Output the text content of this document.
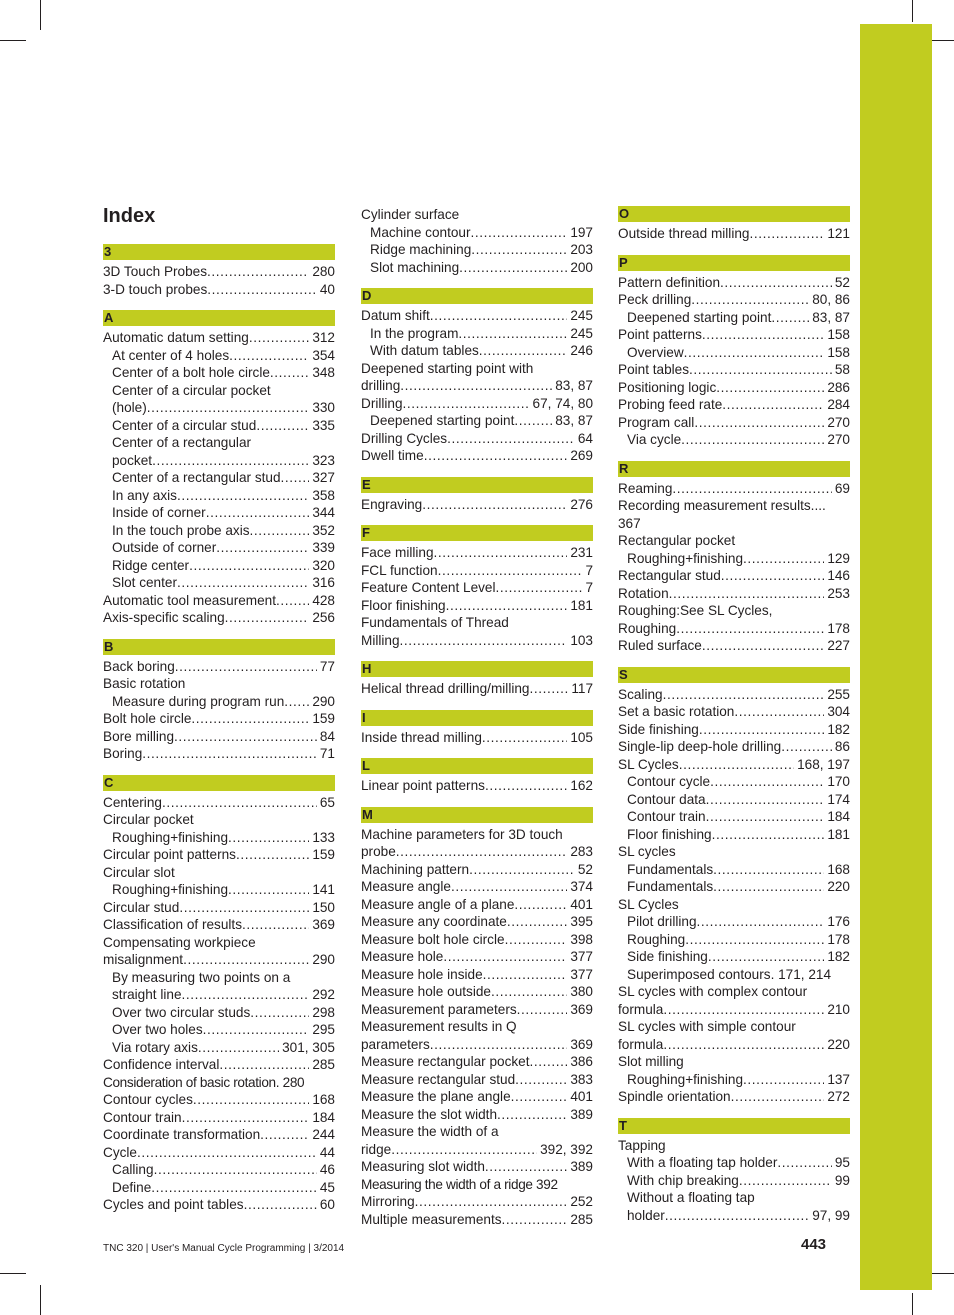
Index
3
3D Touch Probes .....	280
3-D touch probes .....	40
A
Automatic datum setting .....	312
At center of 4 holes .....	354
Center of a bolt hole circle .....	348
Center of a circular pocket
(hole) .....	330
Center of a circular stud .....	335
Center of a rectangular
pocket .....	323
Center of a rectangular stud ..... 327
In any axis .....	358
Inside of corner .....	344
In the touch probe axis .....	352
Outside of corner .....	339
Ridge center .....	320
Slot center .....	316
Automatic tool measurement .....	428
Axis-specific scaling .....	256
B
Back boring .....	77
Basic rotation
Measure during program run ..... 290
Bolt hole circle .....	159
Bore milling .....	84
Boring .....	71
C
Centering .....	65
Circular pocket
Roughing+finishing .....	133
Circular point patterns .....	159
Circular slot
Roughing+finishing .....	141
Circular stud .....	150
Classification of results .....	369
Compensating workpiece
misalignment .....	290
By measuring two points on a
straight line .....	292
Over two circular studs .....	298
Over two holes .....	295
Via rotary axis .....	301, 305
Confidence interval .....	285
Consideration of basic rotation. 280
Contour cycles .....	168
Contour train .....	184
Coordinate transformation .....	244
Cycle .....	44
Calling .....	46
Define .....	45
Cycles and point tables .....	60
Cylinder surface
Machine contour .....	197
Ridge machining .....	203
Slot machining .....	200
D
Datum shift .....	245
In the program .....	245
With datum tables .....	246
Deepened starting point with
drilling .....	83, 87
Drilling .....	67, 74, 80
Deepened starting point .....	83, 87
Drilling Cycles .....	64
Dwell time .....	269
E
Engraving .....	276
F
Face milling .....	231
FCL function .....	7
Feature Content Level .....	7
Floor finishing .....	181
Fundamentals of Thread
Milling .....	103
H
Helical thread drilling/milling .....	117
I
Inside thread milling .....	105
L
Linear point patterns .....	162
M
Machine parameters for 3D touch
probe .....	283
Machining pattern .....	52
Measure angle .....	374
Measure angle of a plane .....	401
Measure any coordinate .....	395
Measure bolt hole circle .....	398
Measure hole .....	377
Measure hole inside .....	377
Measure hole outside .....	380
Measurement parameters .....	369
Measurement results in Q
parameters .....	369
Measure rectangular pocket .....	386
Measure rectangular stud .....	383
Measure the plane angle .....	401
Measure the slot width .....	389
Measure the width of a
ridge .....	392, 392
Measuring slot width .....	389
Measuring the width of a ridge 392
Mirroring .....	252
Multiple measurements .....	285
O
Outside thread milling .....	121
P
Pattern definition .....	52
Peck drilling .....	80, 86
Deepened starting point .....	83, 87
Point patterns .....	158
Overview .....	158
Point tables .....	58
Positioning logic .....	286
Probing feed rate .....	284
Program call .....	270
Via cycle .....	270
R
Reaming .....	69
Recording measurement results....
367
Rectangular pocket
Roughing+finishing .....	129
Rectangular stud .....	146
Rotation .....	253
Roughing:See SL Cycles,
Roughing .....	178
Ruled surface .....	227
S
Scaling .....	255
Set a basic rotation .....	304
Side finishing .....	182
Single-lip deep-hole drilling .....	86
SL Cycles .....	168, 197
Contour cycle .....	170
Contour data .....	174
Contour train .....	184
Floor finishing .....	181
SL cycles
Fundamentals .....	168
Fundamentals .....	220
SL Cycles
Pilot drilling .....	176
Roughing .....	178
Side finishing .....	182
Superimposed contours. 171, 214
SL cycles with complex contour
formula .....	210
SL cycles with simple contour
formula .....	220
Slot milling
Roughing+finishing .....	137
Spindle orientation .....	272
T
Tapping
With a floating tap holder .....	95
With chip breaking .....	99
Without a floating tap
holder .....	97, 99
TNC 320 | User's Manual Cycle Programming | 3/2014	443
